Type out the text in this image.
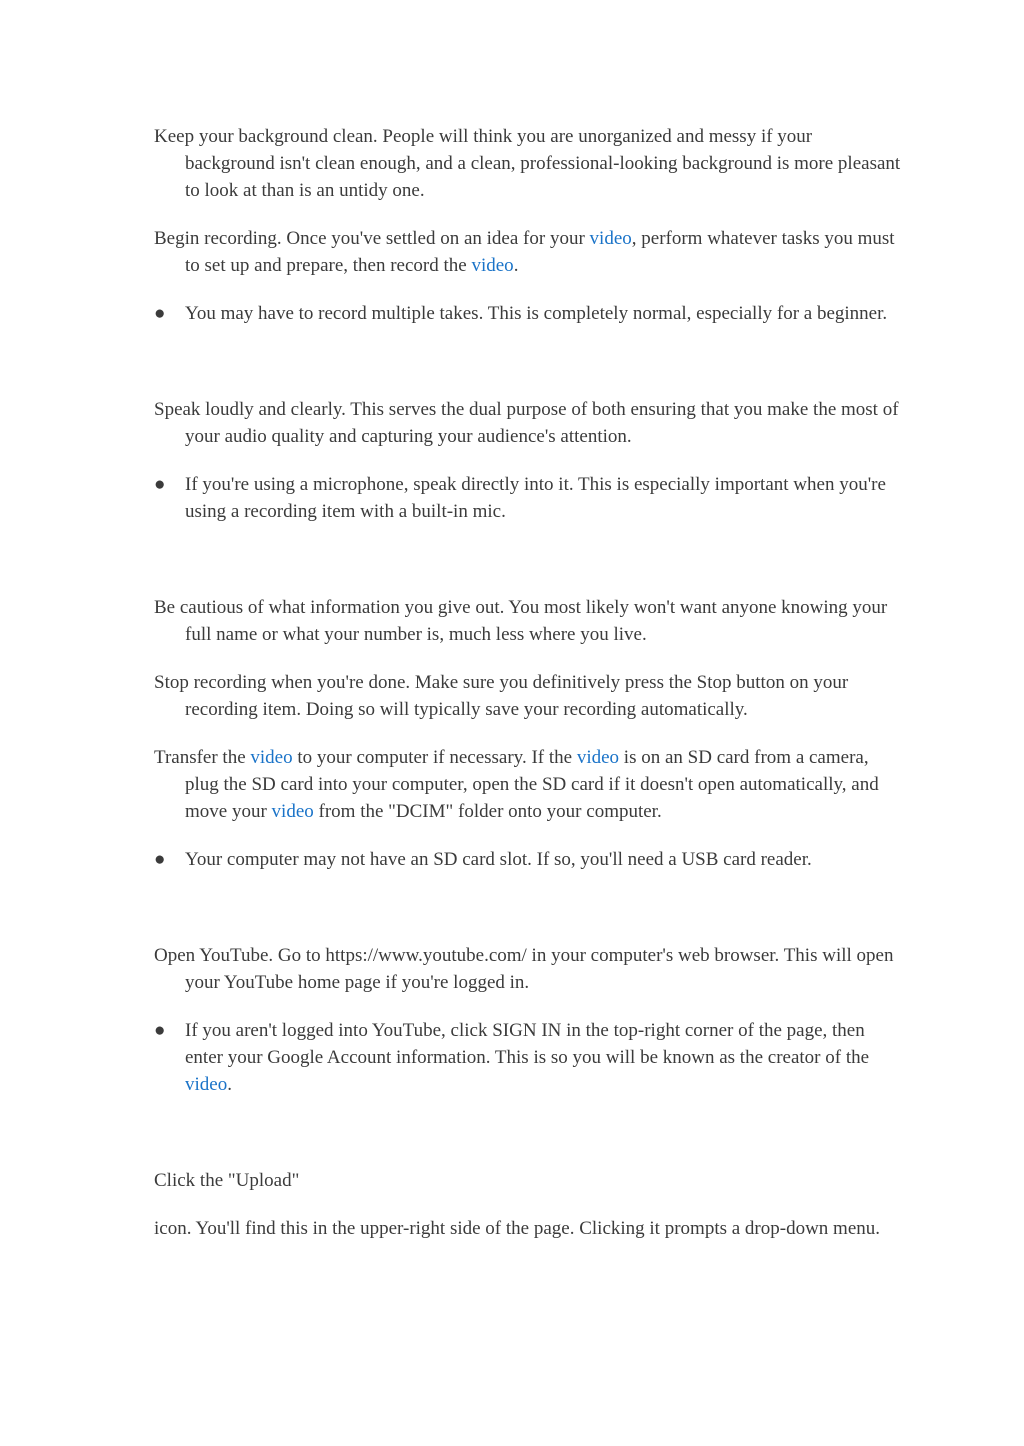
Keep your background clean. People will think you are unorganized and messy if your background isn't clean enough, and a clean, professional-looking background is more pleasant to look at than is an untidy one.

Begin recording. Once you've settled on an idea for your video, perform whatever tasks you must to set up and prepare, then record the video.

●	You may have to record multiple takes. This is completely normal, especially for a beginner.

Speak loudly and clearly. This serves the dual purpose of both ensuring that you make the most of your audio quality and capturing your audience's attention.

●	If you're using a microphone, speak directly into it. This is especially important when you're using a recording item with a built-in mic.

Be cautious of what information you give out. You most likely won't want anyone knowing your full name or what your number is, much less where you live.

Stop recording when you're done. Make sure you definitively press the Stop button on your recording item. Doing so will typically save your recording automatically.

Transfer the video to your computer if necessary. If the video is on an SD card from a camera, plug the SD card into your computer, open the SD card if it doesn't open automatically, and move your video from the "DCIM" folder onto your computer.

●	Your computer may not have an SD card slot. If so, you'll need a USB card reader.

Open YouTube. Go to https://www.youtube.com/ in your computer's web browser. This will open your YouTube home page if you're logged in.

●	If you aren't logged into YouTube, click SIGN IN in the top-right corner of the page, then enter your Google Account information. This is so you will be known as the creator of the video.

Click the "Upload"

icon. You'll find this in the upper-right side of the page. Clicking it prompts a drop-down menu.
